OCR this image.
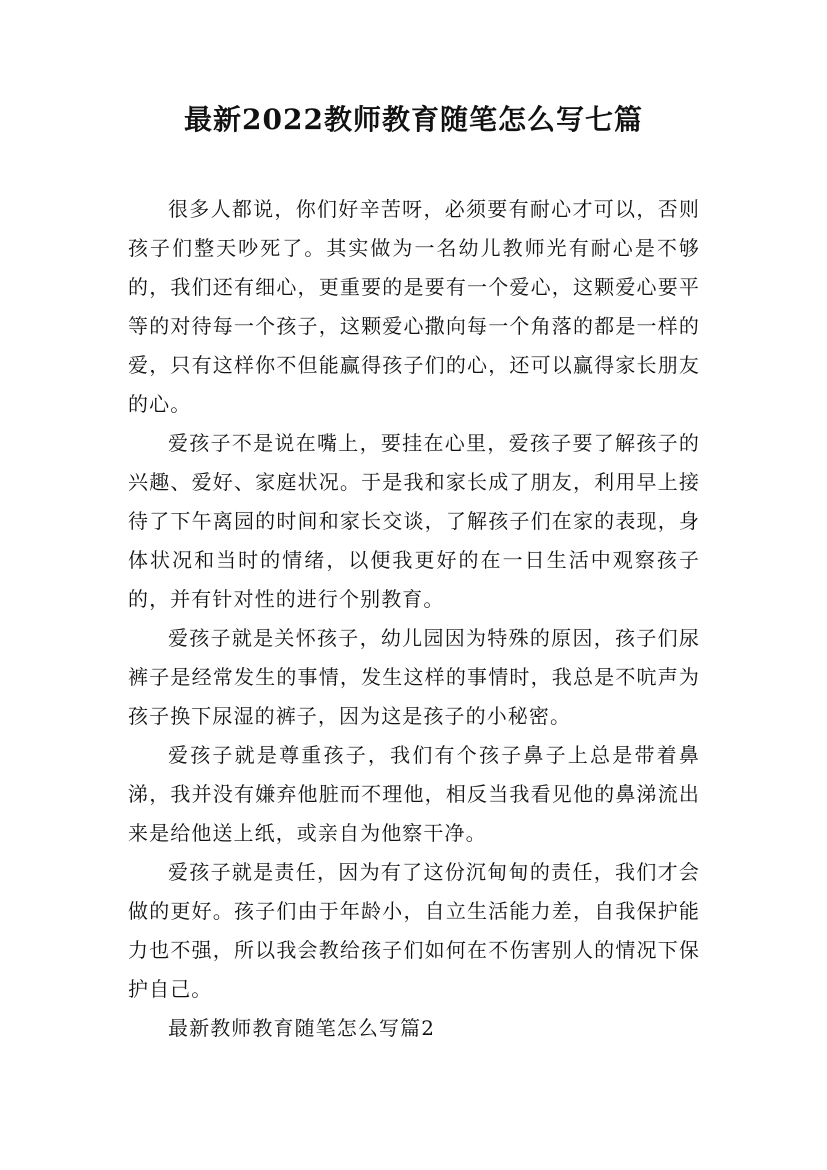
最新2022教师教育随笔怎么写七篇

很多人都说，你们好辛苦呀，必须要有耐心才可以，否则孩子们整天吵死了。其实做为一名幼儿教师光有耐心是不够的，我们还有细心，更重要的是要有一个爱心，这颗爱心要平等的对待每一个孩子，这颗爱心撒向每一个角落的都是一样的爱，只有这样你不但能赢得孩子们的心，还可以赢得家长朋友的心。

爱孩子不是说在嘴上，要挂在心里，爱孩子要了解孩子的兴趣、爱好、家庭状况。于是我和家长成了朋友，利用早上接待了下午离园的时间和家长交谈，了解孩子们在家的表现，身体状况和当时的情绪，以便我更好的在一日生活中观察孩子的，并有针对性的进行个别教育。

爱孩子就是关怀孩子，幼儿园因为特殊的原因，孩子们尿裤子是经常发生的事情，发生这样的事情时，我总是不吭声为孩子换下尿湿的裤子，因为这是孩子的小秘密。

爱孩子就是尊重孩子，我们有个孩子鼻子上总是带着鼻涕，我并没有嫌弃他脏而不理他，相反当我看见他的鼻涕流出来是给他送上纸，或亲自为他察干净。

爱孩子就是责任，因为有了这份沉甸甸的责任，我们才会做的更好。孩子们由于年龄小，自立生活能力差，自我保护能力也不强，所以我会教给孩子们如何在不伤害别人的情况下保护自己。

最新教师教育随笔怎么写篇2
